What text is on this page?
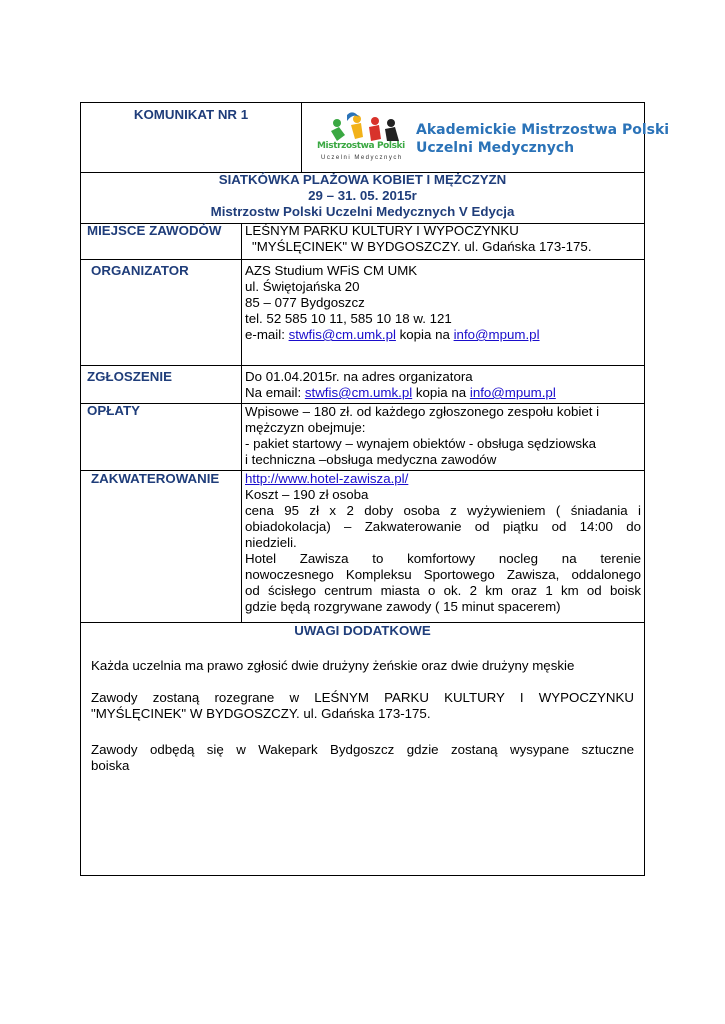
KOMUNIKAT NR 1
Mistrzostwa Polski
Uczelni Medycznych
Akademickie Mistrzostwa Polski
Uczelni Medycznych
SIATKÓWKA PLAŻOWA KOBIET I MĘŻCZYZN
29 – 31. 05. 2015r
Mistrzostw Polski Uczelni Medycznych V Edycja
MIEJSCE ZAWODÓW	LEŚNYM PARKU KULTURY I WYPOCZYNKU
"MYŚLĘCINEK" W BYDGOSZCZY. ul. Gdańska 173-175.
ORGANIZATOR	AZS Studium WFiS CM UMK
ul. Świętojańska 20
85 – 077 Bydgoszcz
tel. 52 585 10 11, 585 10 18 w. 121
e-mail: stwfis@cm.umk.pl kopia na info@mpum.pl
ZGŁOSZENIE	Do 01.04.2015r. na adres organizatora
Na email: stwfis@cm.umk.pl kopia na info@mpum.pl
OPŁATY	Wpisowe – 180 zł. od każdego zgłoszonego zespołu kobiet i
mężczyzn obejmuje:
- pakiet startowy – wynajem obiektów - obsługa sędziowska
i techniczna –obsługa medyczna zawodów
ZAKWATEROWANIE	http://www.hotel-zawisza.pl/
Koszt – 190 zł osoba
cena 95 zł x 2 doby osoba z wyżywieniem ( śniadania i
obiadokolacja) – Zakwaterowanie od piątku od 14:00 do
niedzieli.
Hotel Zawisza to komfortowy nocleg na terenie
nowoczesnego Kompleksu Sportowego Zawisza, oddalonego
od ścisłego centrum miasta o ok. 2 km oraz 1 km od boisk
gdzie będą rozgrywane zawody ( 15 minut spacerem)
UWAGI DODATKOWE
Każda uczelnia ma prawo zgłosić dwie drużyny żeńskie oraz dwie drużyny męskie
Zawody zostaną rozegrane w LEŚNYM PARKU KULTURY I WYPOCZYNKU
"MYŚLĘCINEK" W BYDGOSZCZY. ul. Gdańska 173-175.
Zawody odbędą się w Wakepark Bydgoszcz gdzie zostaną wysypane sztuczne
boiska
